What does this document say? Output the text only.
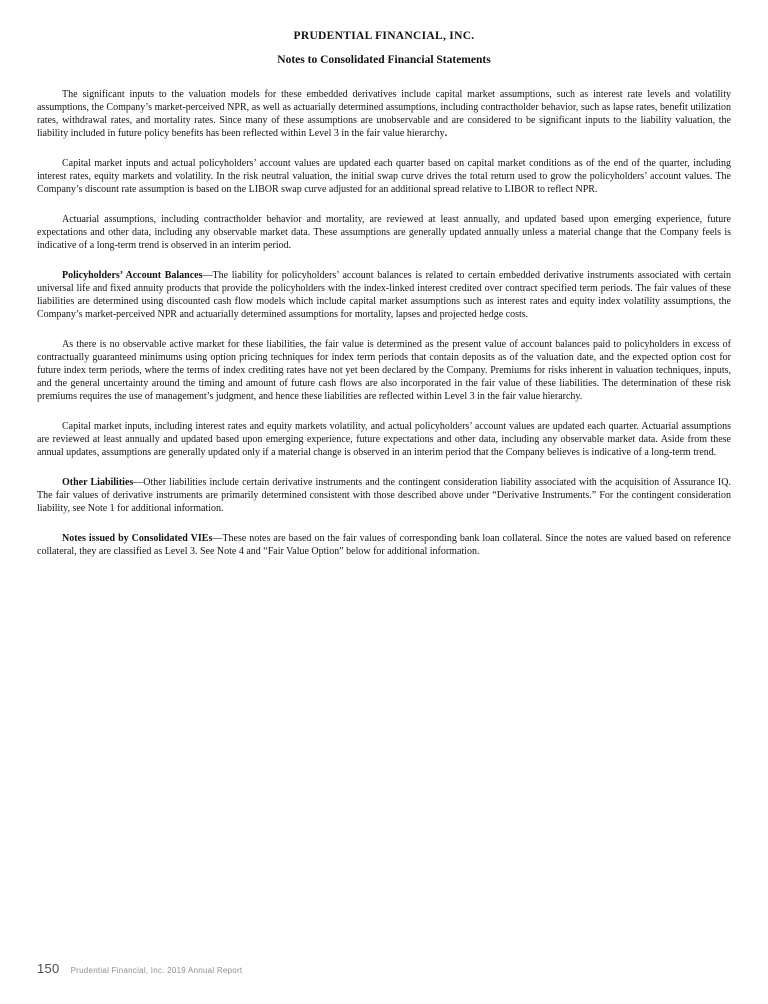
PRUDENTIAL FINANCIAL, INC.
Notes to Consolidated Financial Statements

The significant inputs to the valuation models for these embedded derivatives include capital market assumptions, such as interest rate levels and volatility assumptions, the Company’s market-perceived NPR, as well as actuarially determined assumptions, including contractholder behavior, such as lapse rates, benefit utilization rates, withdrawal rates, and mortality rates. Since many of these assumptions are unobservable and are considered to be significant inputs to the liability valuation, the liability included in future policy benefits has been reflected within Level 3 in the fair value hierarchy.

Capital market inputs and actual policyholders’ account values are updated each quarter based on capital market conditions as of the end of the quarter, including interest rates, equity markets and volatility. In the risk neutral valuation, the initial swap curve drives the total return used to grow the policyholders’ account values. The Company’s discount rate assumption is based on the LIBOR swap curve adjusted for an additional spread relative to LIBOR to reflect NPR.

Actuarial assumptions, including contractholder behavior and mortality, are reviewed at least annually, and updated based upon emerging experience, future expectations and other data, including any observable market data. These assumptions are generally updated annually unless a material change that the Company feels is indicative of a long-term trend is observed in an interim period.

Policyholders’ Account Balances—The liability for policyholders’ account balances is related to certain embedded derivative instruments associated with certain universal life and fixed annuity products that provide the policyholders with the index-linked interest credited over contract specified term periods. The fair values of these liabilities are determined using discounted cash flow models which include capital market assumptions such as interest rates and equity index volatility assumptions, the Company’s market-perceived NPR and actuarially determined assumptions for mortality, lapses and projected hedge costs.

As there is no observable active market for these liabilities, the fair value is determined as the present value of account balances paid to policyholders in excess of contractually guaranteed minimums using option pricing techniques for index term periods that contain deposits as of the valuation date, and the expected option cost for future index term periods, where the terms of index crediting rates have not yet been declared by the Company. Premiums for risks inherent in valuation techniques, inputs, and the general uncertainty around the timing and amount of future cash flows are also incorporated in the fair value of these liabilities. The determination of these risk premiums requires the use of management’s judgment, and hence these liabilities are reflected within Level 3 in the fair value hierarchy.

Capital market inputs, including interest rates and equity markets volatility, and actual policyholders’ account values are updated each quarter. Actuarial assumptions are reviewed at least annually and updated based upon emerging experience, future expectations and other data, including any observable market data. Aside from these annual updates, assumptions are generally updated only if a material change is observed in an interim period that the Company believes is indicative of a long-term trend.

Other Liabilities—Other liabilities include certain derivative instruments and the contingent consideration liability associated with the acquisition of Assurance IQ. The fair values of derivative instruments are primarily determined consistent with those described above under “Derivative Instruments.” For the contingent consideration liability, see Note 1 for additional information.

Notes issued by Consolidated VIEs—These notes are based on the fair values of corresponding bank loan collateral. Since the notes are valued based on reference collateral, they are classified as Level 3. See Note 4 and “Fair Value Option” below for additional information.

150 Prudential Financial, Inc. 2019 Annual Report
